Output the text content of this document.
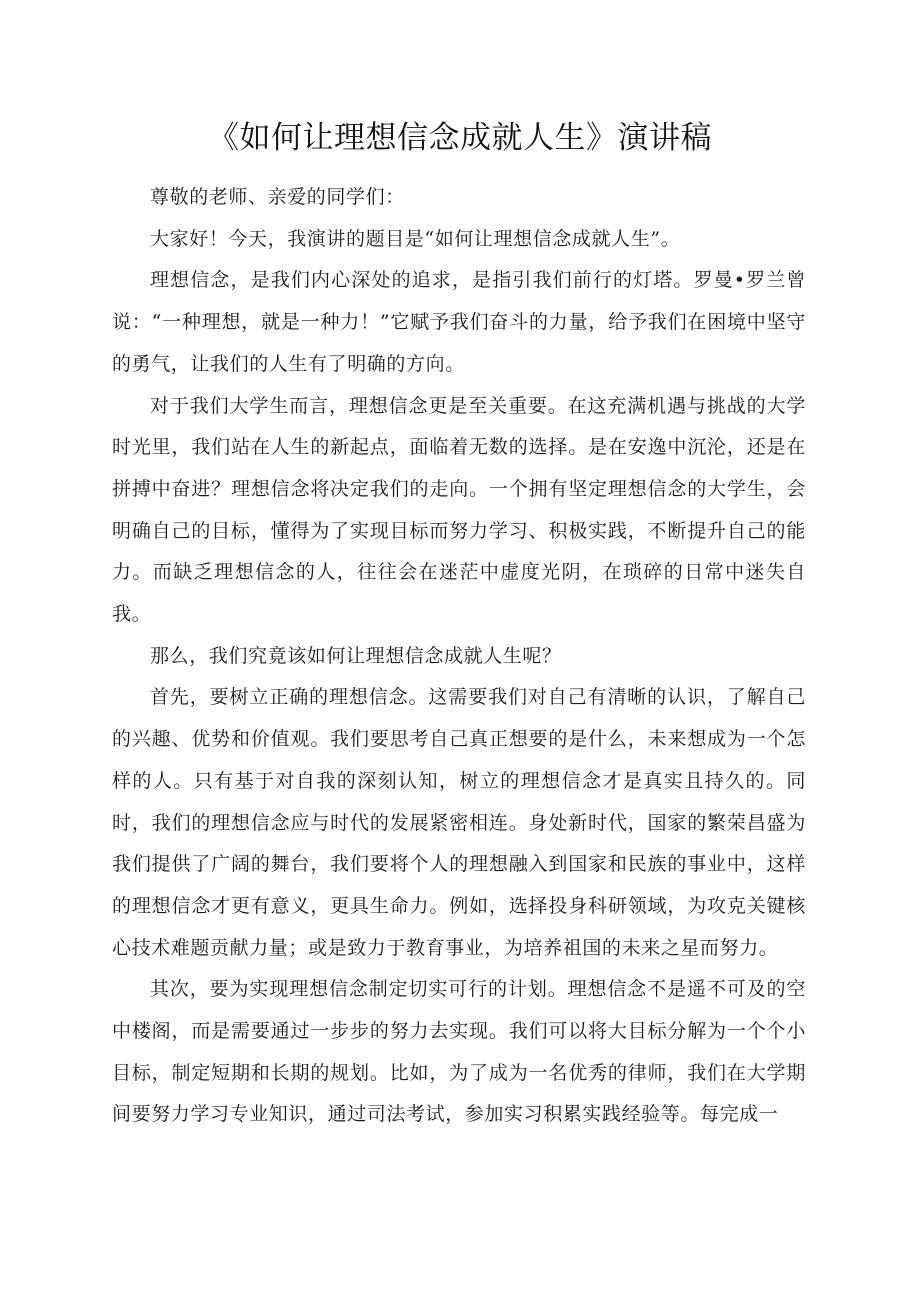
《如何让理想信念成就人生》演讲稿

尊敬的老师、亲爱的同学们：

大家好！今天，我演讲的题目是“如何让理想信念成就人生”。

理想信念，是我们内心深处的追求，是指引我们前行的灯塔。罗曼•罗兰曾说：“一种理想，就是一种力！”它赋予我们奋斗的力量，给予我们在困境中坚守的勇气，让我们的人生有了明确的方向。

对于我们大学生而言，理想信念更是至关重要。在这充满机遇与挑战的大学时光里，我们站在人生的新起点，面临着无数的选择。是在安逸中沉沦，还是在拼搏中奋进？理想信念将决定我们的走向。一个拥有坚定理想信念的大学生，会明确自己的目标，懂得为了实现目标而努力学习、积极实践，不断提升自己的能力。而缺乏理想信念的人，往往会在迷茫中虚度光阴，在琐碎的日常中迷失自我。

那么，我们究竟该如何让理想信念成就人生呢？

首先，要树立正确的理想信念。这需要我们对自己有清晰的认识，了解自己的兴趣、优势和价值观。我们要思考自己真正想要的是什么，未来想成为一个怎样的人。只有基于对自我的深刻认知，树立的理想信念才是真实且持久的。同时，我们的理想信念应与时代的发展紧密相连。身处新时代，国家的繁荣昌盛为我们提供了广阔的舞台，我们要将个人的理想融入到国家和民族的事业中，这样的理想信念才更有意义，更具生命力。例如，选择投身科研领域，为攻克关键核心技术难题贡献力量；或是致力于教育事业，为培养祖国的未来之星而努力。

其次，要为实现理想信念制定切实可行的计划。理想信念不是遥不可及的空中楼阁，而是需要通过一步步的努力去实现。我们可以将大目标分解为一个个小目标，制定短期和长期的规划。比如，为了成为一名优秀的律师，我们在大学期间要努力学习专业知识，通过司法考试，参加实习积累实践经验等。每完成一
